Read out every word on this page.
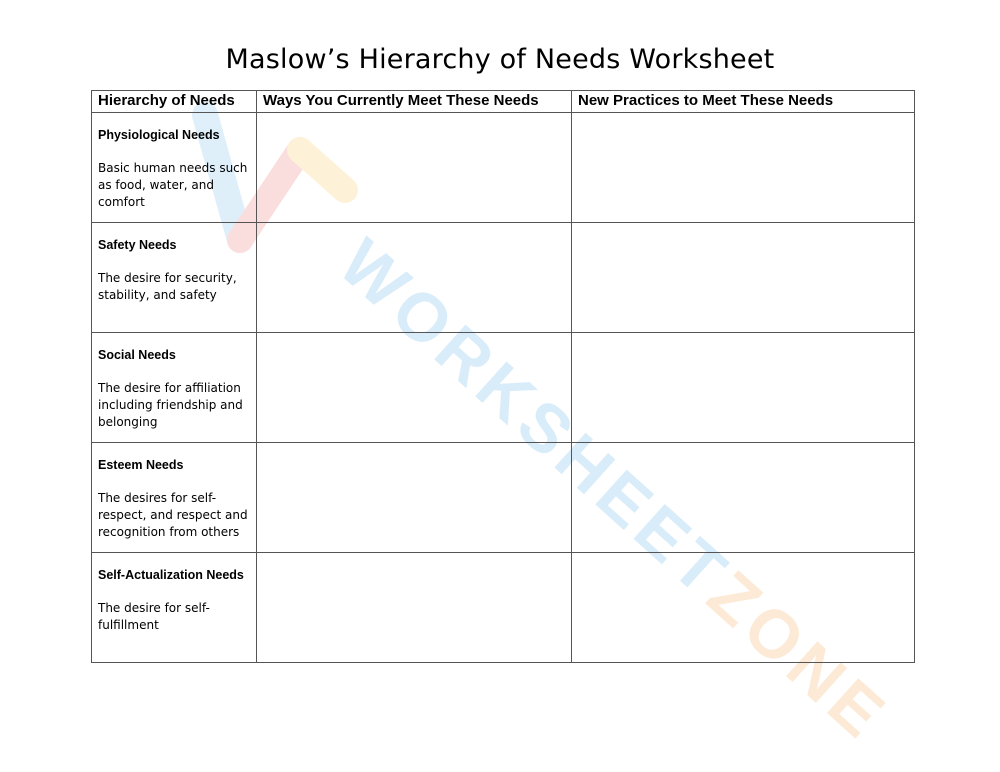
WORKSHEETZONE
Maslow’s Hierarchy of Needs Worksheet
Hierarchy of Needs	Ways You Currently Meet These Needs	New Practices to Meet These Needs

Physiological Needs
Basic human needs such as food, water, and comfort		

Safety Needs
The desire for security, stability, and safety		

Social Needs
The desire for affiliation including friendship and belonging		

Esteem Needs
The desires for self-respect, and respect and recognition from others		

Self-Actualization Needs
The desire for self-fulfillment		
